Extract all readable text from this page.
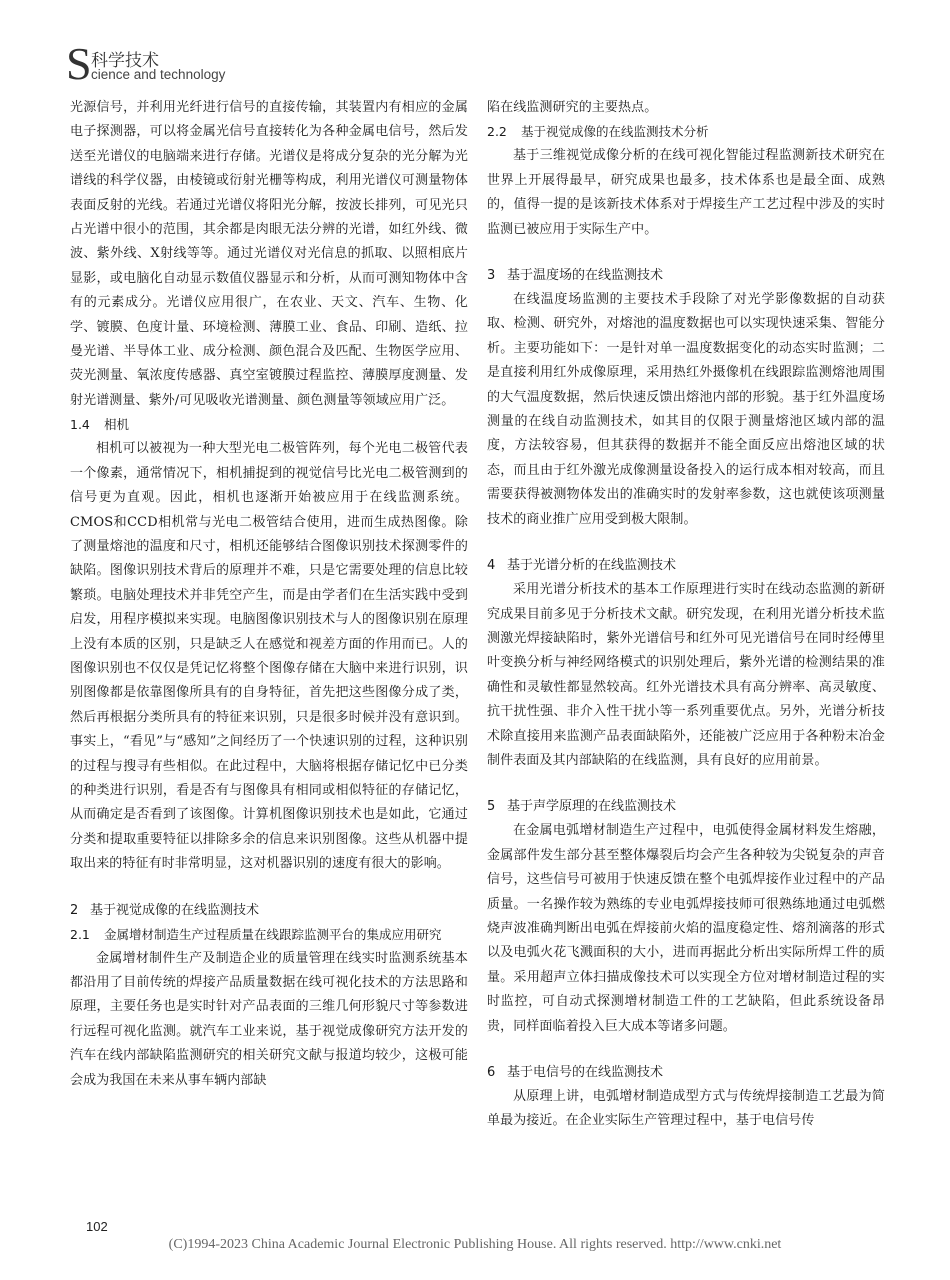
S 科学技术
cience and technology

光源信号，并利用光纤进行信号的直接传输，其装置内有相应的金属电子探测器，可以将金属光信号直接转化为各种金属电信号，然后发送至光谱仪的电脑端来进行存储。光谱仪是将成分复杂的光分解为光谱线的科学仪器，由棱镜或衍射光栅等构成，利用光谱仪可测量物体表面反射的光线。若通过光谱仪将阳光分解，按波长排列，可见光只占光谱中很小的范围，其余都是肉眼无法分辨的光谱，如红外线、微波、紫外线、X射线等等。通过光谱仪对光信息的抓取、以照相底片显影，或电脑化自动显示数值仪器显示和分析，从而可测知物体中含有的元素成分。光谱仪应用很广，在农业、天文、汽车、生物、化学、镀膜、色度计量、环境检测、薄膜工业、食品、印刷、造纸、拉曼光谱、半导体工业、成分检测、颜色混合及匹配、生物医学应用、荧光测量、氧浓度传感器、真空室镀膜过程监控、薄膜厚度测量、发射光谱测量、紫外/可见吸收光谱测量、颜色测量等领域应用广泛。

1.4 相机

相机可以被视为一种大型光电二极管阵列，每个光电二极管代表一个像素，通常情况下，相机捕捉到的视觉信号比光电二极管测到的信号更为直观。因此，相机也逐渐开始被应用于在线监测系统。CMOS和CCD相机常与光电二极管结合使用，进而生成热图像。除了测量熔池的温度和尺寸，相机还能够结合图像识别技术探测零件的缺陷。图像识别技术背后的原理并不难，只是它需要处理的信息比较繁琐。电脑处理技术并非凭空产生，而是由学者们在生活实践中受到启发，用程序模拟来实现。电脑图像识别技术与人的图像识别在原理上没有本质的区别，只是缺乏人在感觉和视差方面的作用而已。人的图像识别也不仅仅是凭记忆将整个图像存储在大脑中来进行识别，识别图像都是依靠图像所具有的自身特征，首先把这些图像分成了类，然后再根据分类所具有的特征来识别，只是很多时候并没有意识到。事实上，“看见”与“感知”之间经历了一个快速识别的过程，这种识别的过程与搜寻有些相似。在此过程中，大脑将根据存储记忆中已分类的种类进行识别，看是否有与图像具有相同或相似特征的存储记忆，从而确定是否看到了该图像。计算机图像识别技术也是如此，它通过分类和提取重要特征以排除多余的信息来识别图像。这些从机器中提取出来的特征有时非常明显，这对机器识别的速度有很大的影响。

2 基于视觉成像的在线监测技术
2.1 金属增材制造生产过程质量在线跟踪监测平台的集成应用研究

金属增材制件生产及制造企业的质量管理在线实时监测系统基本都沿用了目前传统的焊接产品质量数据在线可视化技术的方法思路和原理，主要任务也是实时针对产品表面的三维几何形貌尺寸等参数进行远程可视化监测。就汽车工业来说，基于视觉成像研究方法开发的汽车在线内部缺陷监测研究的相关研究文献与报道均较少，这极可能会成为我国在未来从事车辆内部缺

陷在线监测研究的主要热点。

2.2 基于视觉成像的在线监测技术分析

基于三维视觉成像分析的在线可视化智能过程监测新技术研究在世界上开展得最早，研究成果也最多，技术体系也是最全面、成熟的，值得一提的是该新技术体系对于焊接生产工艺过程中涉及的实时监测已被应用于实际生产中。

3 基于温度场的在线监测技术

在线温度场监测的主要技术手段除了对光学影像数据的自动获取、检测、研究外，对熔池的温度数据也可以实现快速采集、智能分析。主要功能如下：一是针对单一温度数据变化的动态实时监测；二是直接利用红外成像原理，采用热红外摄像机在线跟踪监测熔池周围的大气温度数据，然后快速反馈出熔池内部的形貌。基于红外温度场测量的在线自动监测技术，如其目的仅限于测量熔池区域内部的温度，方法较容易，但其获得的数据并不能全面反应出熔池区域的状态，而且由于红外激光成像测量设备投入的运行成本相对较高，而且需要获得被测物体发出的准确实时的发射率参数，这也就使该项测量技术的商业推广应用受到极大限制。

4 基于光谱分析的在线监测技术

采用光谱分析技术的基本工作原理进行实时在线动态监测的新研究成果目前多见于分析技术文献。研究发现，在利用光谱分析技术监测激光焊接缺陷时，紫外光谱信号和红外可见光谱信号在同时经傅里叶变换分析与神经网络模式的识别处理后，紫外光谱的检测结果的准确性和灵敏性都显然较高。红外光谱技术具有高分辨率、高灵敏度、抗干扰性强、非介入性干扰小等一系列重要优点。另外，光谱分析技术除直接用来监测产品表面缺陷外，还能被广泛应用于各种粉末冶金制件表面及其内部缺陷的在线监测，具有良好的应用前景。

5 基于声学原理的在线监测技术

在金属电弧增材制造生产过程中，电弧使得金属材料发生熔融，金属部件发生部分甚至整体爆裂后均会产生各种较为尖锐复杂的声音信号，这些信号可被用于快速反馈在整个电弧焊接作业过程中的产品质量。一名操作较为熟练的专业电弧焊接技师可很熟练地通过电弧燃烧声波准确判断出电弧在焊接前火焰的温度稳定性、熔剂滴落的形式以及电弧火花飞溅面积的大小，进而再据此分析出实际所焊工件的质量。采用超声立体扫描成像技术可以实现全方位对增材制造过程的实时监控，可自动式探测增材制造工件的工艺缺陷，但此系统设备昂贵，同样面临着投入巨大成本等诸多问题。

6 基于电信号的在线监测技术

从原理上讲，电弧增材制造成型方式与传统焊接制造工艺最为简单最为接近。在企业实际生产管理过程中，基于电信号传

102
(C)1994-2023 China Academic Journal Electronic Publishing House. All rights reserved. http://www.cnki.net
